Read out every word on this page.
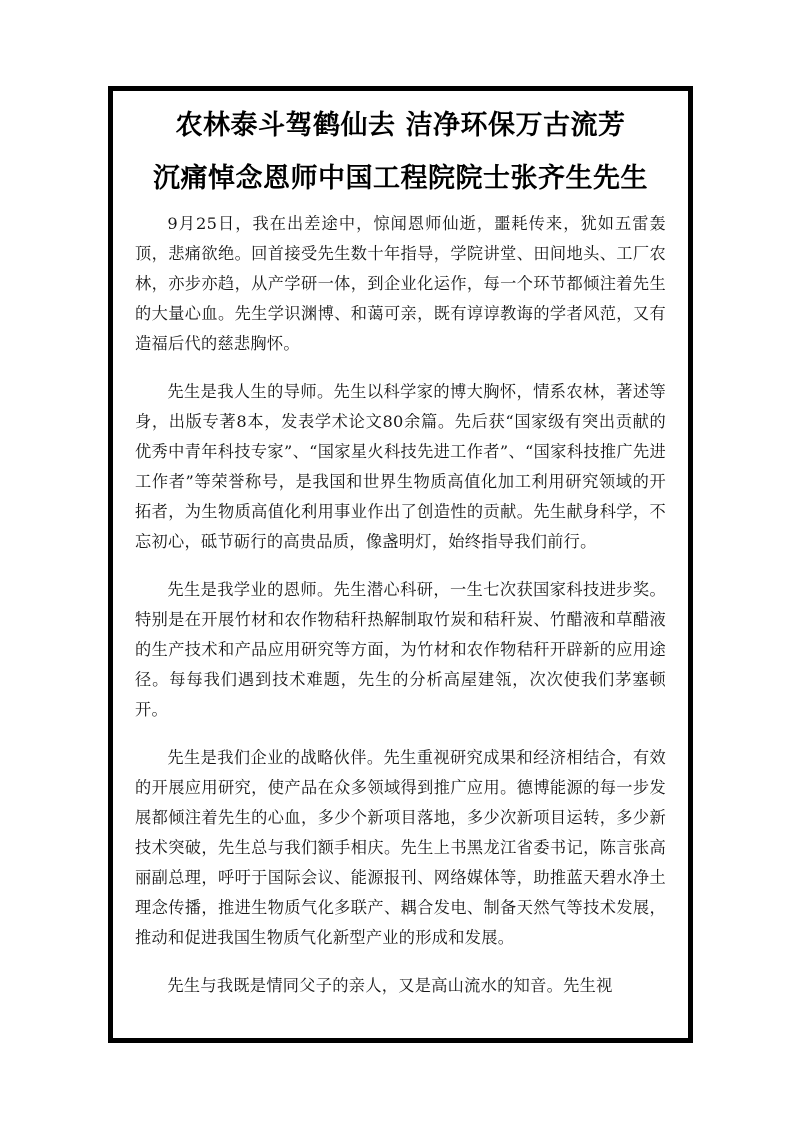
农林泰斗驾鹤仙去 洁净环保万古流芳
沉痛悼念恩师中国工程院院士张齐生先生

9月25日，我在出差途中，惊闻恩师仙逝，噩耗传来，犹如五雷轰顶，悲痛欲绝。回首接受先生数十年指导，学院讲堂、田间地头、工厂农林，亦步亦趋，从产学研一体，到企业化运作，每一个环节都倾注着先生的大量心血。先生学识渊博、和蔼可亲，既有谆谆教诲的学者风范，又有造福后代的慈悲胸怀。

先生是我人生的导师。先生以科学家的博大胸怀，情系农林，著述等身，出版专著8本，发表学术论文80余篇。先后获“国家级有突出贡献的优秀中青年科技专家”、“国家星火科技先进工作者”、“国家科技推广先进工作者”等荣誉称号，是我国和世界生物质高值化加工利用研究领域的开拓者，为生物质高值化利用事业作出了创造性的贡献。先生献身科学，不忘初心，砥节砺行的高贵品质，像盏明灯，始终指导我们前行。

先生是我学业的恩师。先生潜心科研，一生七次获国家科技进步奖。特别是在开展竹材和农作物秸秆热解制取竹炭和秸秆炭、竹醋液和草醋液的生产技术和产品应用研究等方面，为竹材和农作物秸秆开辟新的应用途径。每每我们遇到技术难题，先生的分析高屋建瓴，次次使我们茅塞顿开。

先生是我们企业的战略伙伴。先生重视研究成果和经济相结合，有效的开展应用研究，使产品在众多领域得到推广应用。德博能源的每一步发展都倾注着先生的心血，多少个新项目落地，多少次新项目运转，多少新技术突破，先生总与我们额手相庆。先生上书黑龙江省委书记，陈言张高丽副总理，呼吁于国际会议、能源报刊、网络媒体等，助推蓝天碧水净土理念传播，推进生物质气化多联产、耦合发电、制备天然气等技术发展，推动和促进我国生物质气化新型产业的形成和发展。

先生与我既是情同父子的亲人，又是高山流水的知音。先生视
